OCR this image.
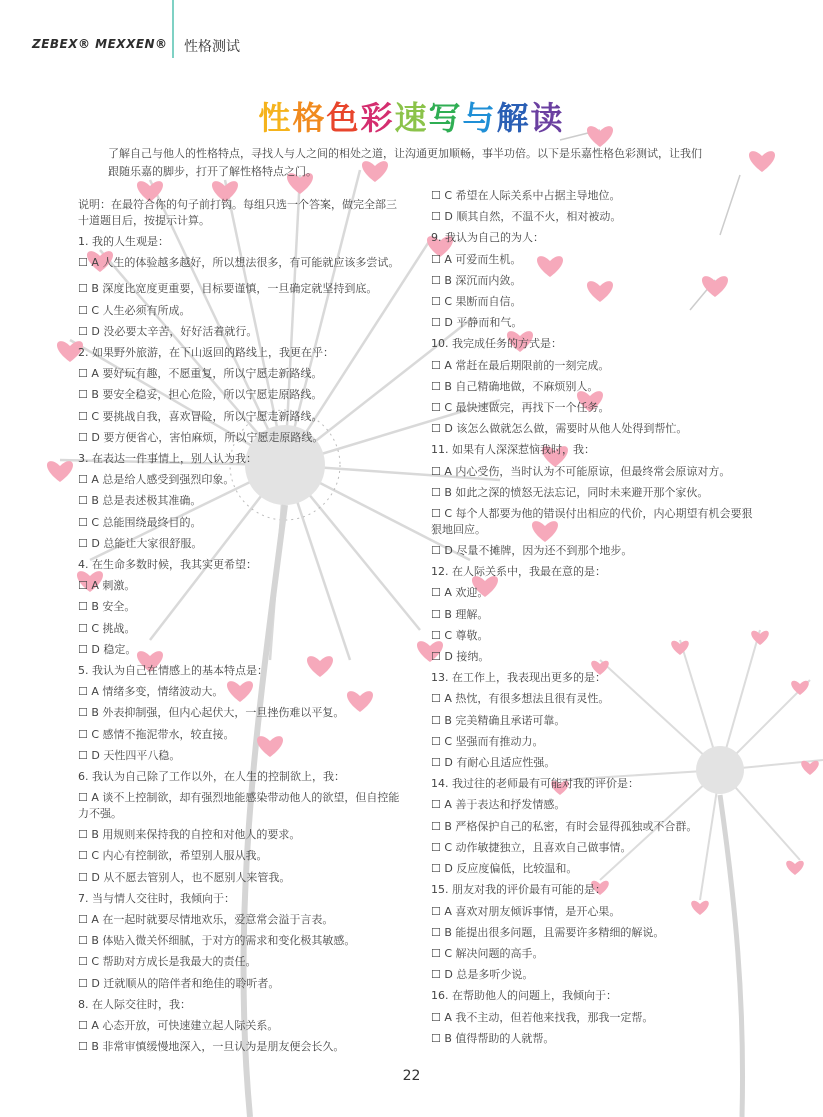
ZEBEX® MEXXEN® 性格测试
性格色彩速写与解读
了解自己与他人的性格特点，寻找人与人之间的相处之道，让沟通更加顺畅，事半功倍。以下是乐嘉性格色彩测试，让我们跟随乐嘉的脚步，打开了解性格特点之门。
说明：在最符合你的句子前打钩。每组只选一个答案，做完全部三十道题目后，按提示计算。
1. 我的人生观是：
☐ A 人生的体验越多越好，所以想法很多，有可能就应该多尝试。
☐ B 深度比宽度更重要，目标要谨慎，一旦确定就坚持到底。
☐ C 人生必须有所成。
☐ D 没必要太辛苦，好好活着就行。
2. 如果野外旅游，在下山返回的路线上，我更在乎：
☐ A 要好玩有趣，不愿重复，所以宁愿走新路线。
☐ B 要安全稳妥，担心危险，所以宁愿走原路线。
☐ C 要挑战自我，喜欢冒险，所以宁愿走新路线。
☐ D 要方便省心，害怕麻烦，所以宁愿走原路线。
3. 在表达一件事情上，别人认为我：
☐ A 总是给人感受到强烈印象。
☐ B 总是表述极其准确。
☐ C 总能围绕最终目的。
☐ D 总能让大家很舒服。
4. 在生命多数时候，我其实更希望：
☐ A 刺激。
☐ B 安全。
☐ C 挑战。
☐ D 稳定。
5. 我认为自己在情感上的基本特点是：
☐ A 情绪多变，情绪波动大。
☐ B 外表抑制强，但内心起伏大，一旦挫伤难以平复。
☐ C 感情不拖泥带水，较直接。
☐ D 天性四平八稳。
6. 我认为自己除了工作以外，在人生的控制欲上，我：
☐ A 谈不上控制欲，却有强烈地能感染带动他人的欲望，但自控能力不强。
☐ B 用规则来保持我的自控和对他人的要求。
☐ C 内心有控制欲，希望别人服从我。
☐ D 从不愿去管别人，也不愿别人来管我。
7. 当与情人交往时，我倾向于：
☐ A 在一起时就要尽情地欢乐，爱意常会溢于言表。
☐ B 体贴入微关怀细腻，于对方的需求和变化极其敏感。
☐ C 帮助对方成长是我最大的责任。
☐ D 迁就顺从的陪伴者和绝佳的聆听者。
8. 在人际交往时，我：
☐ A 心态开放，可快速建立起人际关系。
☐ B 非常审慎缓慢地深入，一旦认为是朋友便会长久。
☐ C 希望在人际关系中占据主导地位。
☐ D 顺其自然，不温不火，相对被动。
9. 我认为自己的为人：
☐ A 可爱而生机。
☐ B 深沉而内敛。
☐ C 果断而自信。
☐ D 平静而和气。
10. 我完成任务的方式是：
☐ A 常赶在最后期限前的一刻完成。
☐ B 自己精确地做，不麻烦别人。
☐ C 最快速做完，再找下一个任务。
☐ D 该怎么做就怎么做，需要时从他人处得到帮忙。
11. 如果有人深深惹恼我时，我：
☐ A 内心受伤，当时认为不可能原谅，但最终常会原谅对方。
☐ B 如此之深的愤怒无法忘记，同时未来避开那个家伙。
☐ C 每个人都要为他的错误付出相应的代价，内心期望有机会要狠狠地回应。
☐ D 尽量不摊牌，因为还不到那个地步。
12. 在人际关系中，我最在意的是：
☐ A 欢迎。
☐ B 理解。
☐ C 尊敬。
☐ D 接纳。
13. 在工作上，我表现出更多的是：
☐ A 热忱，有很多想法且很有灵性。
☐ B 完美精确且承诺可靠。
☐ C 坚强而有推动力。
☐ D 有耐心且适应性强。
14. 我过往的老师最有可能对我的评价是：
☐ A 善于表达和抒发情感。
☐ B 严格保护自己的私密，有时会显得孤独或不合群。
☐ C 动作敏捷独立，且喜欢自己做事情。
☐ D 反应度偏低，比较温和。
15. 朋友对我的评价最有可能的是：
☐ A 喜欢对朋友倾诉事情，是开心果。
☐ B 能提出很多问题，且需要许多精细的解说。
☐ C 解决问题的高手。
☐ D 总是多听少说。
16. 在帮助他人的问题上，我倾向于：
☐ A 我不主动，但若他来找我，那我一定帮。
☐ B 值得帮助的人就帮。
22
